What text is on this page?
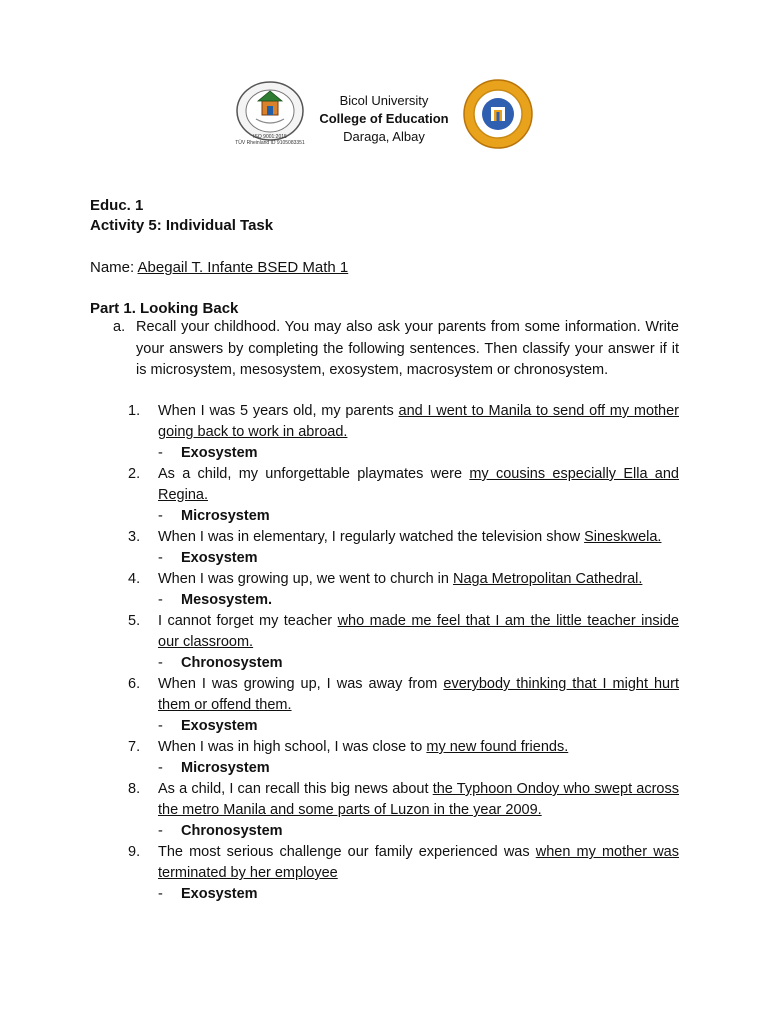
ISO 9001:2015
TÜV Rheinland ID 9105083351
Bicol University
College of Education
Daraga, Albay
Educ. 1
Activity 5: Individual Task
Name: Abegail T. Infante BSED Math 1
Part 1. Looking Back
a. Recall your childhood. You may also ask your parents from some information. Write your answers by completing the following sentences. Then classify your answer if it is microsystem, mesosystem, exosystem, macrosystem or chronosystem.
1.	When I was 5 years old, my parents and I went to Manila to send off my mother going back to work in abroad.
- Exosystem
2.	As a child, my unforgettable playmates were my cousins especially Ella and Regina.
- Microsystem
3.	When I was in elementary, I regularly watched the television show Sineskwela.
- Exosystem
4.	When I was growing up, we went to church in Naga Metropolitan Cathedral.
- Mesosystem.
5.	I cannot forget my teacher who made me feel that I am the little teacher inside our classroom.
- Chronosystem
6.	When I was growing up, I was away from everybody thinking that I might hurt them or offend them.
- Exosystem
7.	When I was in high school, I was close to my new found friends.
- Microsystem
8.	As a child, I can recall this big news about the Typhoon Ondoy who swept across the metro Manila and some parts of Luzon in the year 2009.
- Chronosystem
9.	The most serious challenge our family experienced was when my mother was terminated by her employee
- Exosystem
